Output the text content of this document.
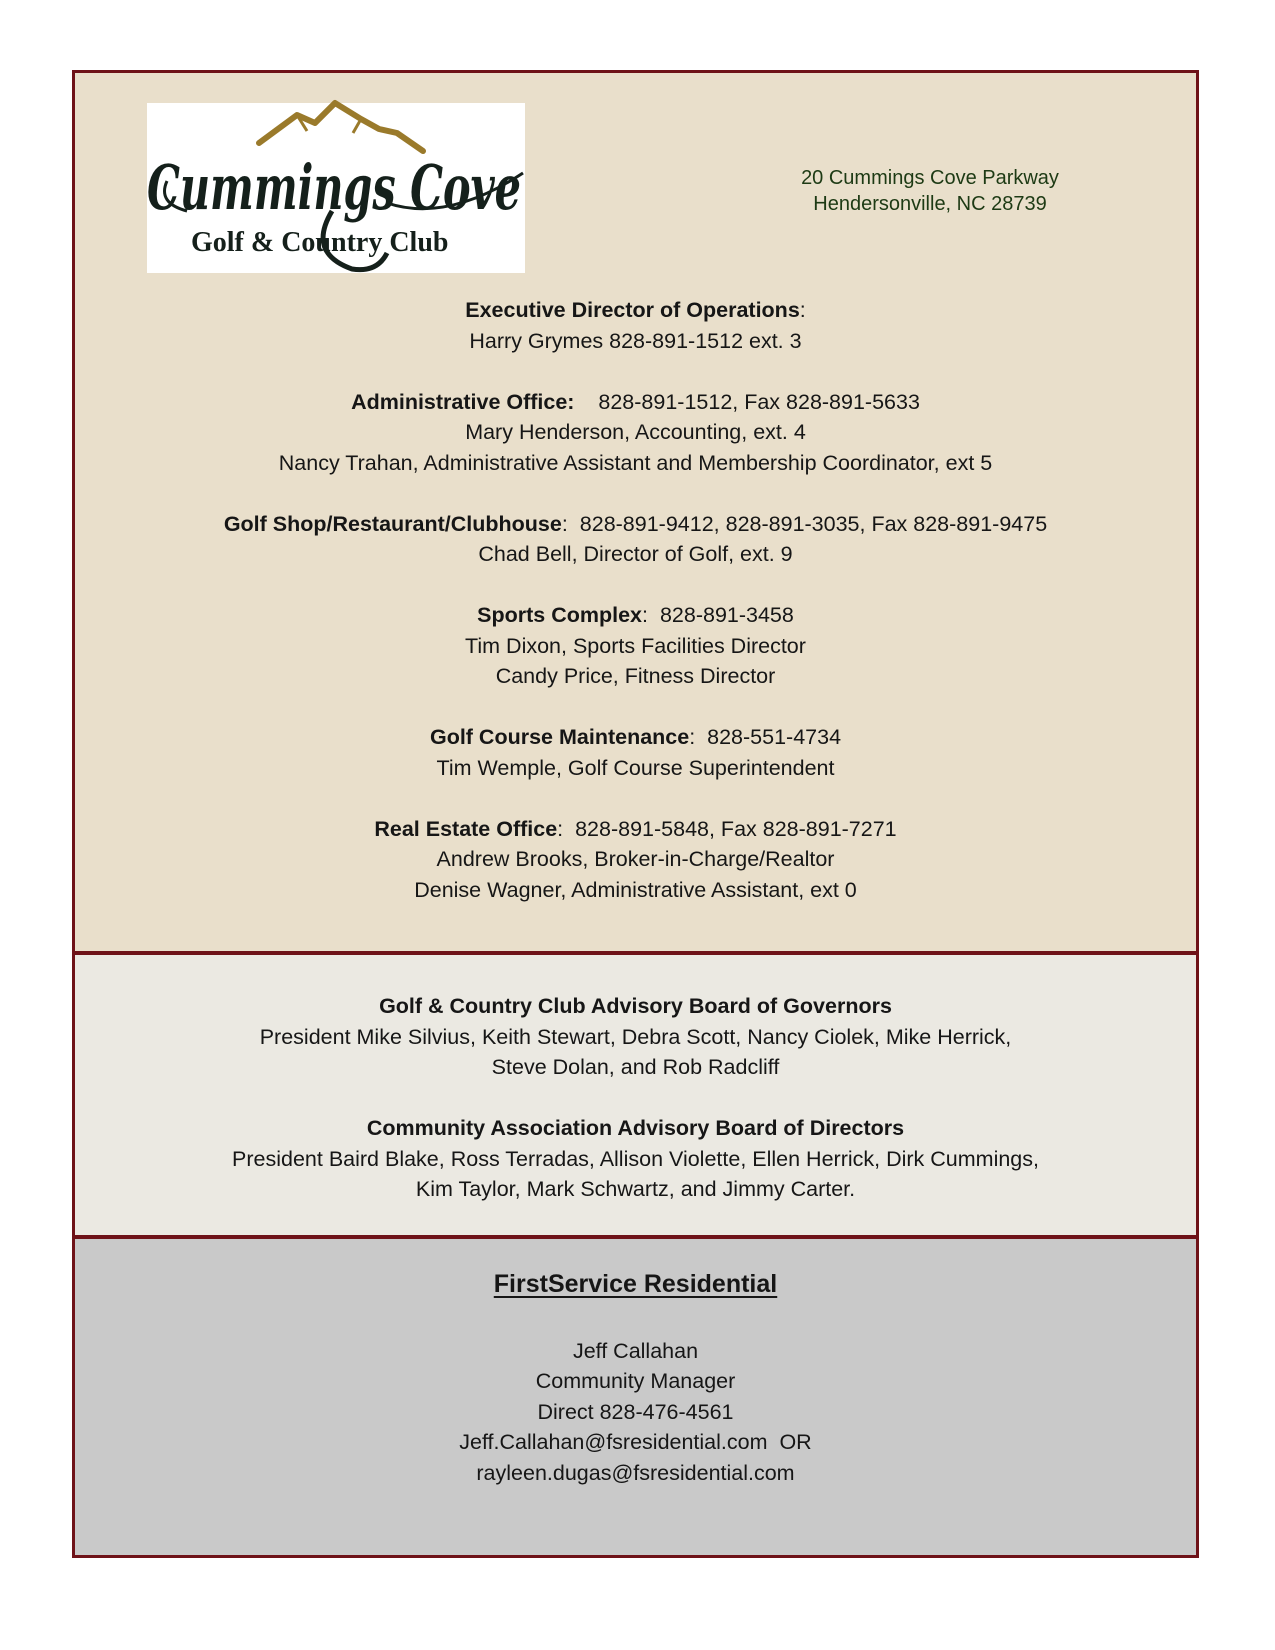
Cummings Cove
Golf & Country Club
20 Cummings Cove Parkway
Hendersonville, NC 28739
Executive Director of Operations:
Harry Grymes 828-891-1512 ext. 3
Administrative Office:    828-891-1512, Fax 828-891-5633
Mary Henderson, Accounting, ext. 4
Nancy Trahan, Administrative Assistant and Membership Coordinator, ext 5
Golf Shop/Restaurant/Clubhouse:  828-891-9412, 828-891-3035, Fax 828-891-9475
Chad Bell, Director of Golf, ext. 9
Sports Complex:  828-891-3458
Tim Dixon, Sports Facilities Director
Candy Price, Fitness Director
Golf Course Maintenance:  828-551-4734
Tim Wemple, Golf Course Superintendent
Real Estate Office:  828-891-5848, Fax 828-891-7271
Andrew Brooks, Broker-in-Charge/Realtor
Denise Wagner, Administrative Assistant, ext 0
Golf & Country Club Advisory Board of Governors
President Mike Silvius, Keith Stewart, Debra Scott, Nancy Ciolek, Mike Herrick,
Steve Dolan, and Rob Radcliff
Community Association Advisory Board of Directors
President Baird Blake, Ross Terradas, Allison Violette, Ellen Herrick, Dirk Cummings,
Kim Taylor, Mark Schwartz, and Jimmy Carter.
FirstService Residential
Jeff Callahan
Community Manager
Direct 828-476-4561
Jeff.Callahan@fsresidential.com  OR
rayleen.dugas@fsresidential.com
